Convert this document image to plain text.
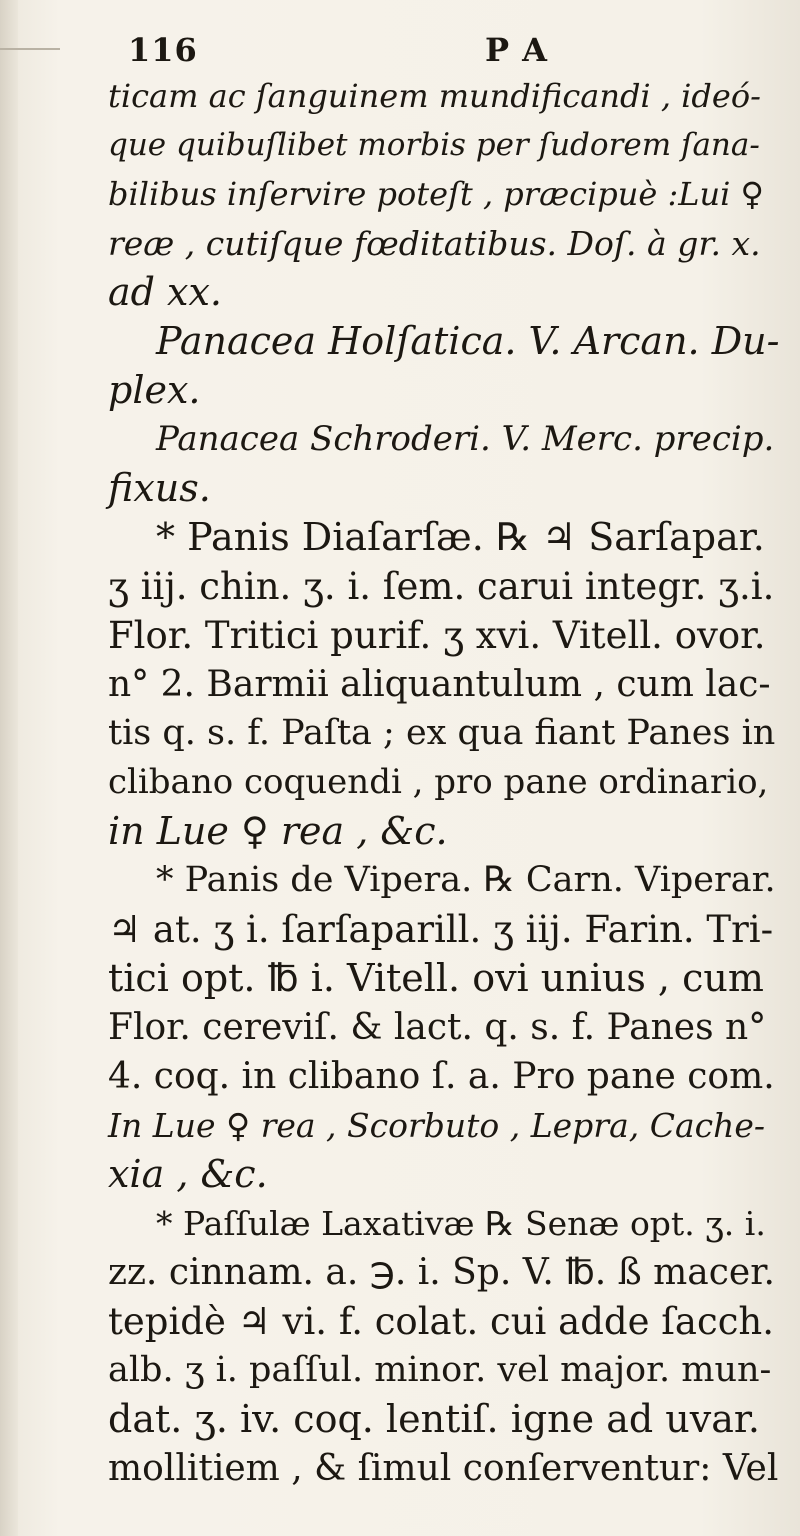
116	P A
ticam ac ſanguinem mundificandi , ideó-
que quibuſlibet morbis per ſudorem ſana-
bilibus inſervire poteſt , præcipuè :Lui ♀
reæ , cutiſque fœditatibus. Doſ. à gr. x.
ad xx.
Panacea Holſatica. V. Arcan. Du-
plex.
Panacea Schroderi. V. Merc. precip.
fixus.
* Panis Diaſarſæ. ℞ ♃ Sarſapar.
ʒ iij. chin. ʒ. i. ſem. carui integr. ʒ.i.
Flor. Tritici purif. ʒ xvi. Vitell. ovor.
n° 2. Barmii aliquantulum , cum lac-
tis q. s. f. Paſta ; ex qua fiant Panes in
clibano coquendi , pro pane ordinario,
in Lue ♀ rea , &c.
* Panis de Vipera. ℞ Carn. Viperar.
♃ at. ʒ i. ſarſaparill. ʒ iij. Farin. Tri-
tici opt. ℔ i. Vitell. ovi unius , cum
Flor. cereviſ. & lact. q. s. f. Panes n°
4. coq. in clibano ſ. a. Pro pane com.
In Lue ♀ rea , Scorbuto , Lepra, Cache-
xia , &c.
* Paſſulæ Laxativæ ℞ Senæ opt. ʒ. i.
zz. cinnam. a. ℈. i. Sp. V. ℔. ß macer.
tepidè ♃ vi. f. colat. cui adde ſacch.
alb. ʒ i. paſſul. minor. vel major. mun-
dat. ʒ. iv. coq. lentiſ. igne ad uvar.
mollitiem , & ſimul conſerventur: Vel
